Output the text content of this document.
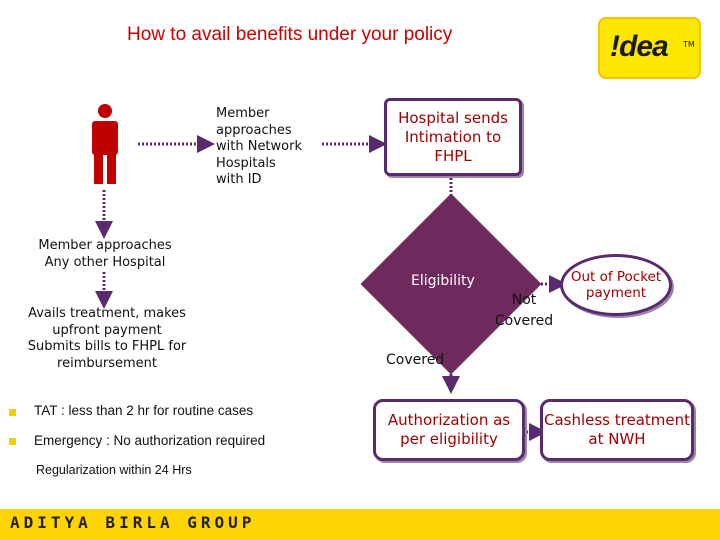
How to avail benefits under your policy	!dea TM
Member
approaches
with Network
Hospitals
with ID
Hospital sends
Intimation to
FHPL
Member approaches
Any other Hospital
Avails treatment, makes
upfront payment
Submits bills to FHPL for
reimbursement
Eligibility
Not
Covered
Out of Pocket
payment
Covered
Authorization as
per eligibility
Cashless treatment
at NWH
TAT : less than 2 hr for routine cases
Emergency : No authorization required
Regularization within 24 Hrs
ADITYA BIRLA GROUP
